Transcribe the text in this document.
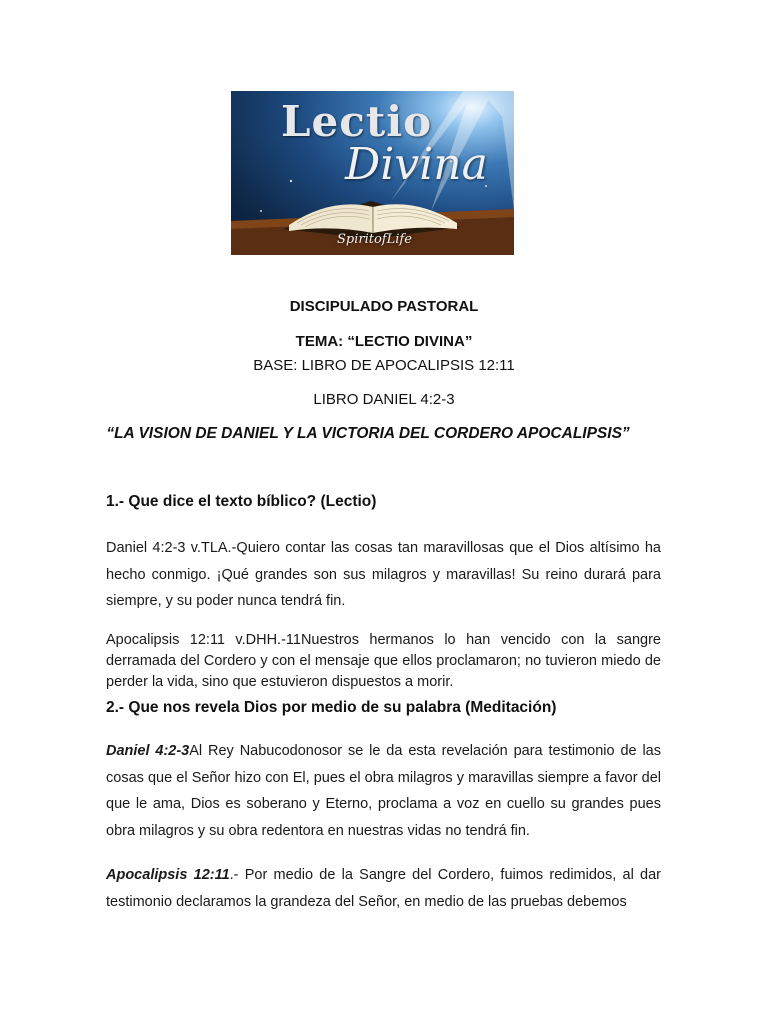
Lectio
Divina
SpiritofLife
DISCIPULADO PASTORAL
TEMA: “LECTIO DIVINA”
BASE: LIBRO DE APOCALIPSIS 12:11
LIBRO DANIEL 4:2-3
“LA VISION DE DANIEL Y LA VICTORIA DEL CORDERO APOCALIPSIS”
1.- Que dice el texto bíblico? (Lectio)
Daniel 4:2-3 v.TLA.-Quiero contar las cosas tan maravillosas que el Dios altísimo ha hecho conmigo. ¡Qué grandes son sus milagros y maravillas! Su reino durará para siempre, y su poder nunca tendrá fin.
Apocalipsis 12:11 v.DHH.-11Nuestros hermanos lo han vencido con la sangre derramada del Cordero y con el mensaje que ellos proclamaron; no tuvieron miedo de perder la vida, sino que estuvieron dispuestos a morir.
2.- Que nos revela Dios por medio de su palabra (Meditación)
Daniel 4:2-3Al Rey Nabucodonosor se le da esta revelación para testimonio de las cosas que el Señor hizo con El, pues el obra milagros y maravillas siempre a favor del que le ama, Dios es soberano y Eterno, proclama a voz en cuello su grandes pues obra milagros y su obra redentora en nuestras vidas no tendrá fin.
Apocalipsis 12:11.- Por medio de la Sangre del Cordero, fuimos redimidos, al dar testimonio declaramos la grandeza del Señor, en medio de las pruebas debemos
